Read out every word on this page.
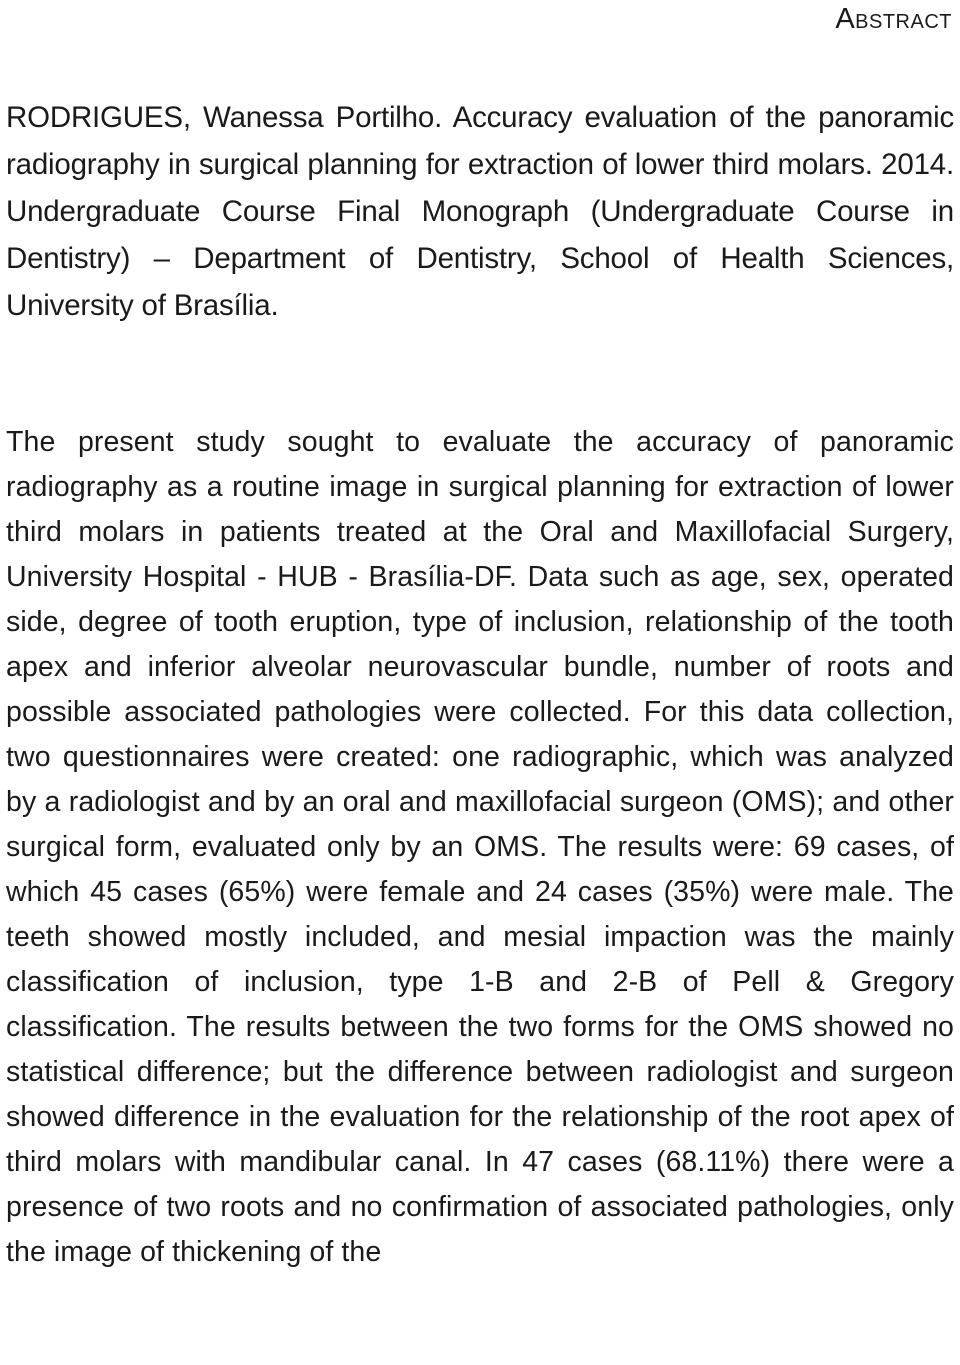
Abstract

RODRIGUES, Wanessa Portilho. Accuracy evaluation of the panoramic radiography in surgical planning for extraction of lower third molars. 2014. Undergraduate Course Final Monograph (Undergraduate Course in Dentistry) – Department of Dentistry, School of Health Sciences, University of Brasília.

The present study sought to evaluate the accuracy of panoramic radiography as a routine image in surgical planning for extraction of lower third molars in patients treated at the Oral and Maxillofacial Surgery, University Hospital - HUB - Brasília-DF. Data such as age, sex, operated side, degree of tooth eruption, type of inclusion, relationship of the tooth apex and inferior alveolar neurovascular bundle, number of roots and possible associated pathologies were collected. For this data collection, two questionnaires were created: one radiographic, which was analyzed by a radiologist and by an oral and maxillofacial surgeon (OMS); and other surgical form, evaluated only by an OMS. The results were: 69 cases, of which 45 cases (65%) were female and 24 cases (35%) were male. The teeth showed mostly included, and mesial impaction was the mainly classification of inclusion, type 1-B and 2-B of Pell & Gregory classification. The results between the two forms for the OMS showed no statistical difference; but the difference between radiologist and surgeon showed difference in the evaluation for the relationship of the root apex of third molars with mandibular canal. In 47 cases (68.11%) there were a presence of two roots and no confirmation of associated pathologies, only the image of thickening of the
